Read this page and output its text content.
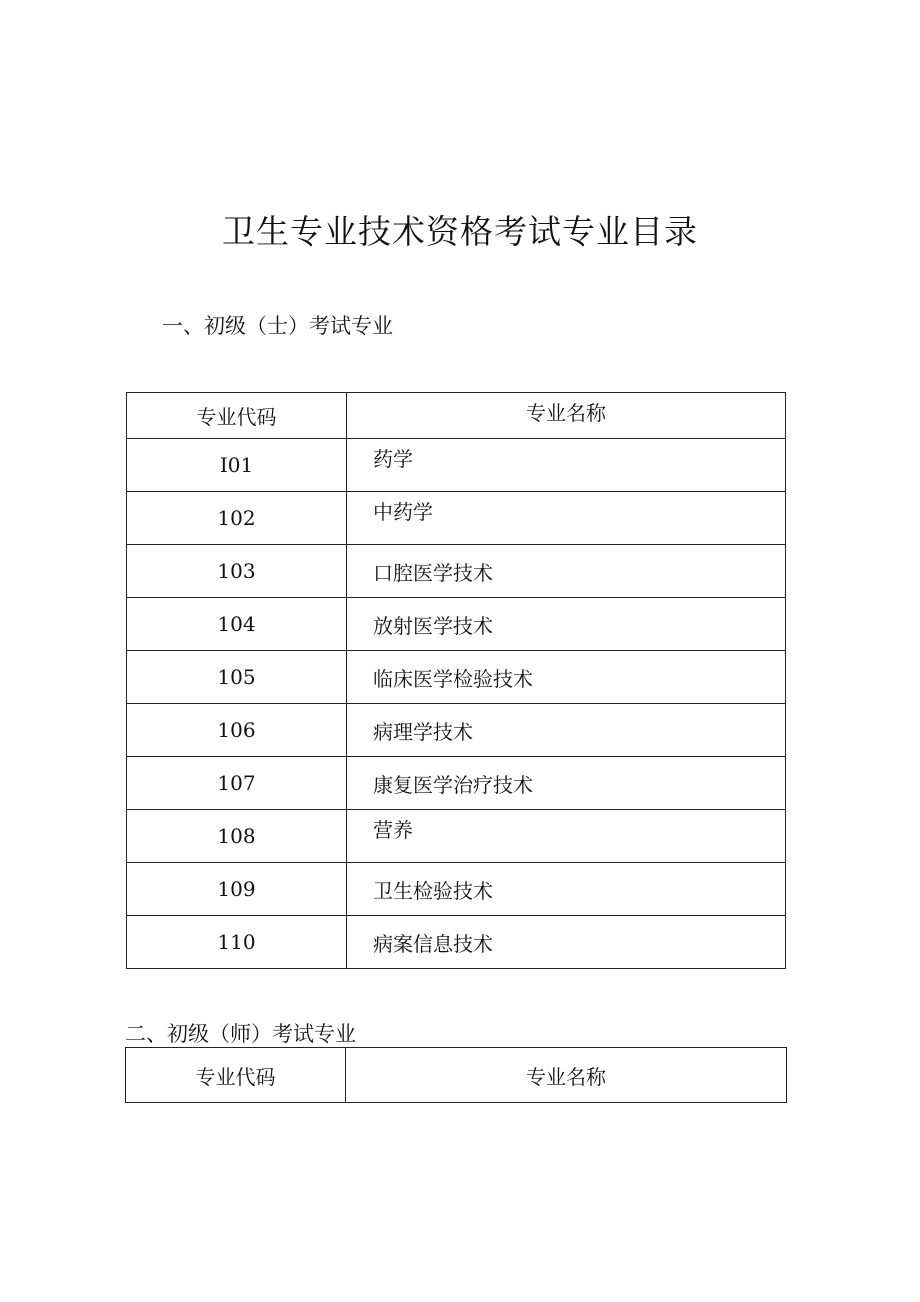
卫生专业技术资格考试专业目录
一、初级（士）考试专业
专业代码	专业名称
I01	药学
102	中药学
103	口腔医学技术
104	放射医学技术
105	临床医学检验技术
106	病理学技术
107	康复医学治疗技术
108	营养
109	卫生检验技术
110	病案信息技术
二、初级（师）考试专业
专业代码	专业名称
